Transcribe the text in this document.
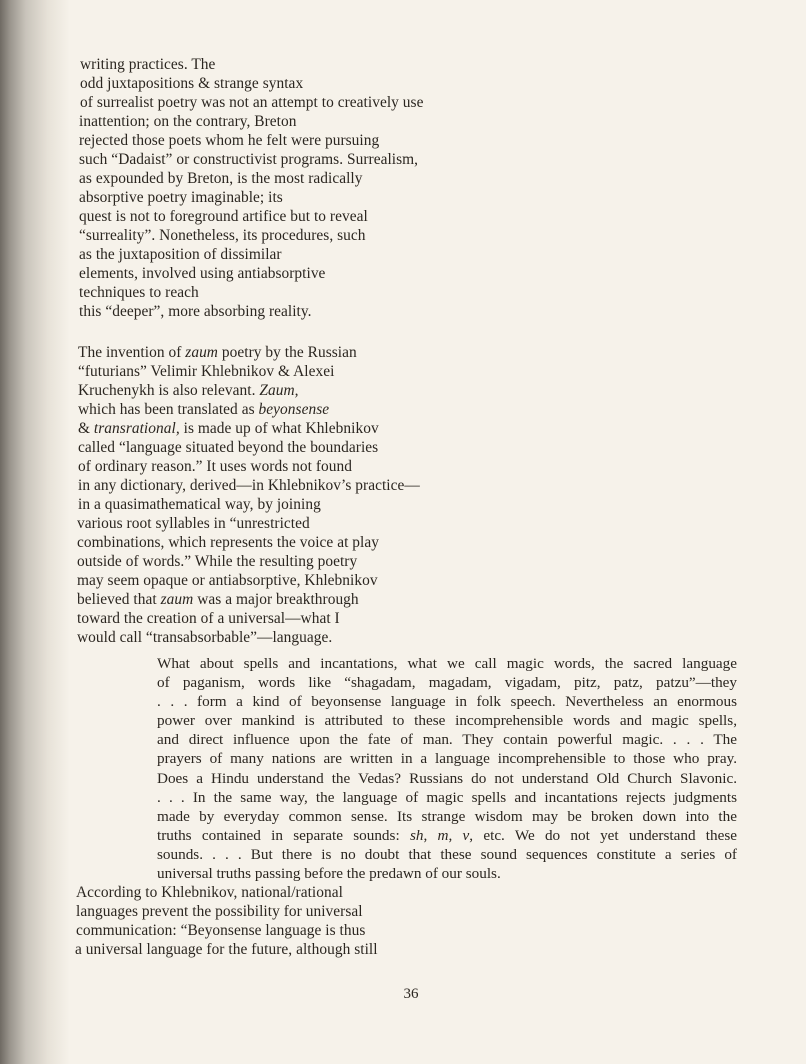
writing practices. The
odd juxtapositions & strange syntax
of surrealist poetry was not an attempt to creatively use
inattention; on the contrary, Breton
rejected those poets whom he felt were pursuing
such “Dadaist” or constructivist programs. Surrealism,
as expounded by Breton, is the most radically
absorptive poetry imaginable; its
quest is not to foreground artifice but to reveal
“surreality”. Nonetheless, its procedures, such
as the juxtaposition of dissimilar
elements, involved using antiabsorptive
techniques to reach
this “deeper”, more absorbing reality.
The invention of zaum poetry by the Russian
“futurians” Velimir Khlebnikov & Alexei
Kruchenykh is also relevant. Zaum,
which has been translated as beyonsense
& transrational, is made up of what Khlebnikov
called “language situated beyond the boundaries
of ordinary reason.” It uses words not found
in any dictionary, derived—in Khlebnikov’s practice—
in a quasimathematical way, by joining
various root syllables in “unrestricted
combinations, which represents the voice at play
outside of words.” While the resulting poetry
may seem opaque or antiabsorptive, Khlebnikov
believed that zaum was a major breakthrough
toward the creation of a universal—what I
would call “transabsorbable”—language.
What about spells and incantations, what we call magic words, the sacred language
of paganism, words like “shagadam, magadam, vigadam, pitz, patz, patzu”—they
. . . form a kind of beyonsense language in folk speech. Nevertheless an enormous
power over mankind is attributed to these incomprehensible words and magic spells,
and direct influence upon the fate of man. They contain powerful magic. . . . The
prayers of many nations are written in a language incomprehensible to those who pray.
Does a Hindu understand the Vedas? Russians do not understand Old Church Slavonic.
. . . In the same way, the language of magic spells and incantations rejects judgments
made by everyday common sense. Its strange wisdom may be broken down into the
truths contained in separate sounds: sh, m, v, etc. We do not yet understand these
sounds. . . . But there is no doubt that these sound sequences constitute a series of
universal truths passing before the predawn of our souls.
According to Khlebnikov, national/rational
languages prevent the possibility for universal
communication: “Beyonsense language is thus
a universal language for the future, although still
36
